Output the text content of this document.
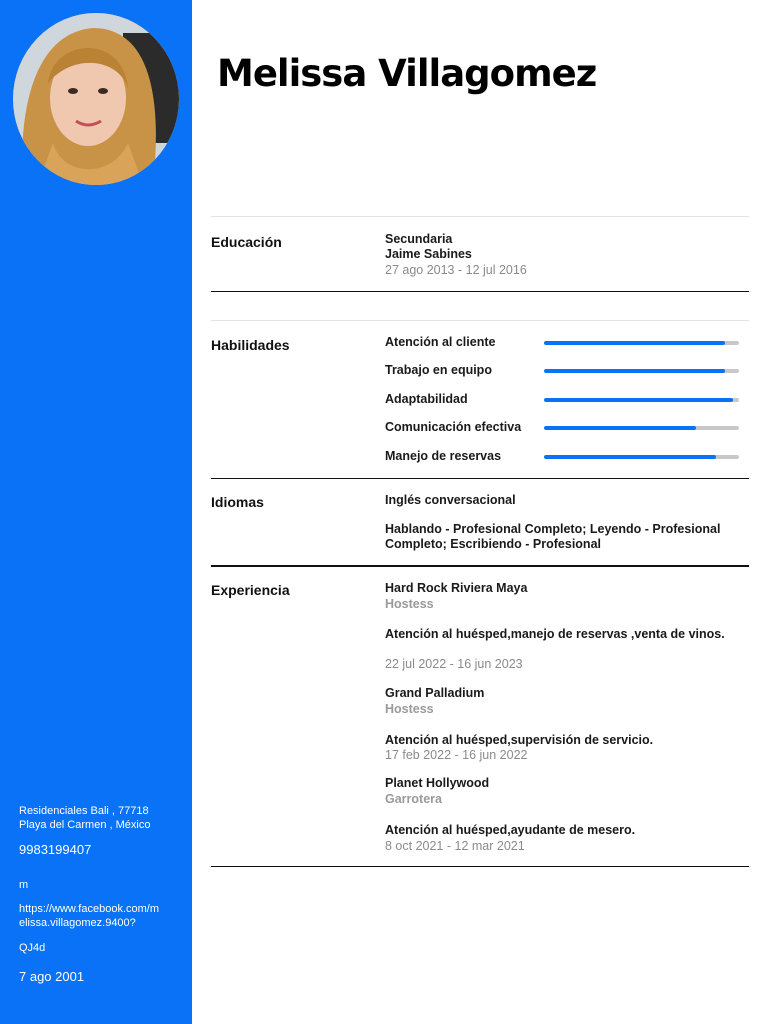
Residenciales Bali , 77718 Playa del Carmen , México
9983199407
m
https://www.facebook.com/melissa.villagomez.9400?
QJ4d
7 ago 2001
Melissa Villagomez
Educación	Secundaria
Jaime Sabines
27 ago 2013 - 12 jul 2016
Habilidades	Atención al cliente
Trabajo en equipo
Adaptabilidad
Comunicación efectiva
Manejo de reservas
Idiomas	Inglés conversacional
Hablando - Profesional Completo; Leyendo - Profesional Completo; Escribiendo - Profesional
Experiencia	Hard Rock Riviera Maya
Hostess
Atención al huésped,manejo de reservas ,venta de vinos.
22 jul 2022 - 16 jun 2023
Grand Palladium
Hostess
Atención al huésped,supervisión de servicio.
17 feb 2022 - 16 jun 2022
Planet Hollywood
Garrotera
Atención al huésped,ayudante de mesero.
8 oct 2021 - 12 mar 2021
